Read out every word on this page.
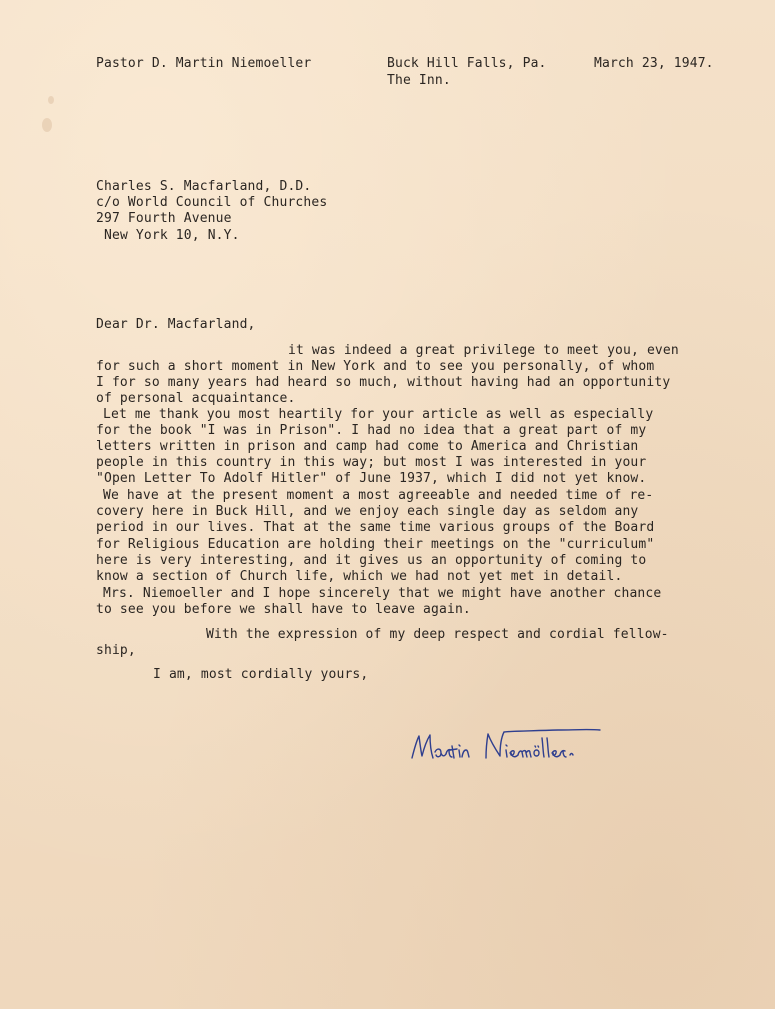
Pastor D. Martin Niemoeller	Buck Hill Falls, Pa.	March 23, 1947.
The Inn.
Charles S. Macfarland, D.D.
c/o World Council of Churches
297 Fourth Avenue
New York 10, N.Y.
Dear Dr. Macfarland,
it was indeed a great privilege to meet you, even
for such a short moment in New York and to see you personally, of whom
I for so many years had heard so much, without having had an opportunity
of personal acquaintance.
Let me thank you most heartily for your article as well as especially
for the book "I was in Prison". I had no idea that a great part of my
letters written in prison and camp had come to America and Christian
people in this country in this way; but most I was interested in your
"Open Letter To Adolf Hitler" of June 1937, which I did not yet know.
We have at the present moment a most agreeable and needed time of re-
covery here in Buck Hill, and we enjoy each single day as seldom any
period in our lives. That at the same time various groups of the Board
for Religious Education are holding their meetings on the "curriculum"
here is very interesting, and it gives us an opportunity of coming to
know a section of Church life, which we had not yet met in detail.
Mrs. Niemoeller and I hope sincerely that we might have another chance
to see you before we shall have to leave again.
With the expression of my deep respect and cordial fellow-
ship,
I am, most cordially yours,
